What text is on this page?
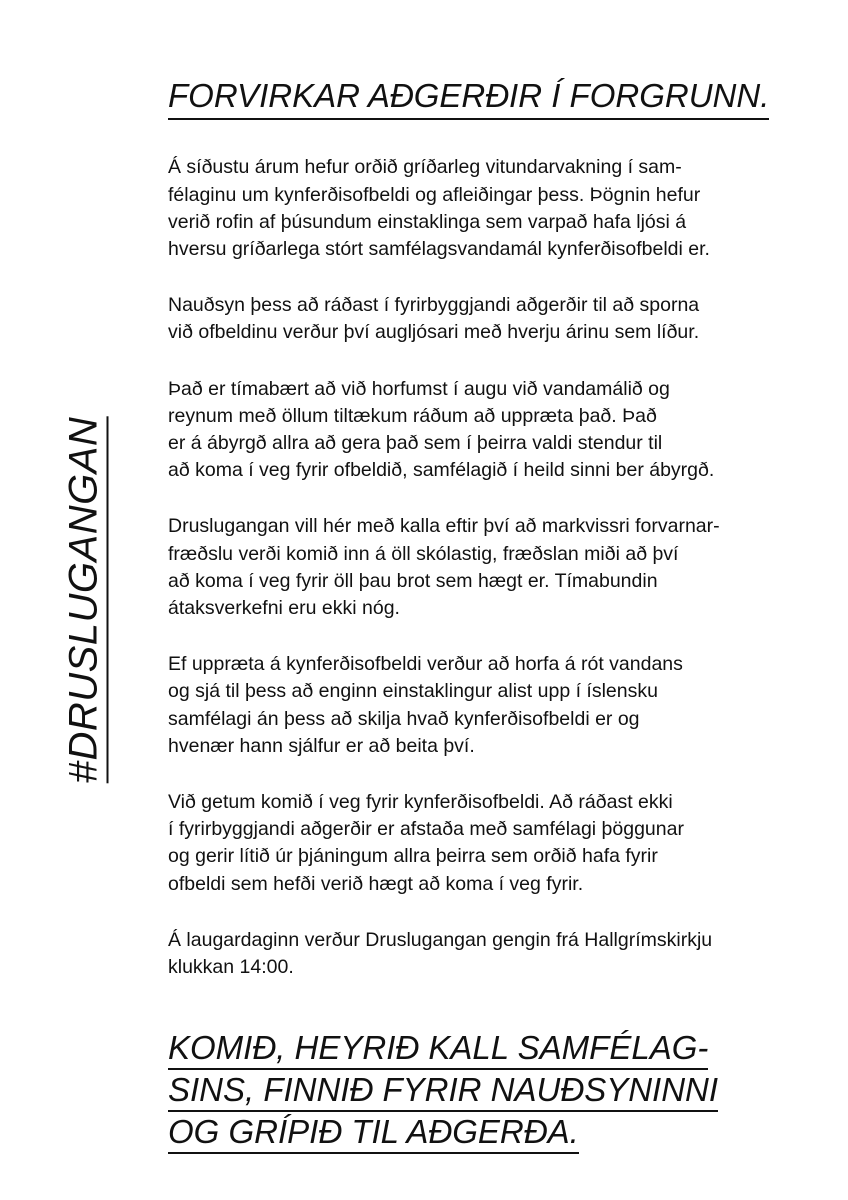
#DRUSLUGANGAN
FORVIRKAR AÐGERÐIR Í FORGRUNN.

Á síðustu árum hefur orðið gríðarleg vitundarvakning í sam-
félaginu um kynferðisofbeldi og afleiðingar þess. Þögnin hefur
verið rofin af þúsundum einstaklinga sem varpað hafa ljósi á
hversu gríðarlega stórt samfélagsvandamál kynferðisofbeldi er.

Nauðsyn þess að ráðast í fyrirbyggjandi aðgerðir til að sporna
við ofbeldinu verður því augljósari með hverju árinu sem líður.

Það er tímabært að við horfumst í augu við vandamálið og
reynum með öllum tiltækum ráðum að uppræta það. Það
er á ábyrgð allra að gera það sem í þeirra valdi stendur til
að koma í veg fyrir ofbeldið, samfélagið í heild sinni ber ábyrgð.

Druslugangan vill hér með kalla eftir því að markvissri forvarnar-
fræðslu verði komið inn á öll skólastig, fræðslan miði að því
að koma í veg fyrir öll þau brot sem hægt er. Tímabundin
átaksverkefni eru ekki nóg.

Ef uppræta á kynferðisofbeldi verður að horfa á rót vandans
og sjá til þess að enginn einstaklingur alist upp í íslensku
samfélagi án þess að skilja hvað kynferðisofbeldi er og
hvenær hann sjálfur er að beita því.

Við getum komið í veg fyrir kynferðisofbeldi. Að ráðast ekki
í fyrirbyggjandi aðgerðir er afstaða með samfélagi þöggunar
og gerir lítið úr þjáningum allra þeirra sem orðið hafa fyrir
ofbeldi sem hefði verið hægt að koma í veg fyrir.

Á laugardaginn verður Druslugangan gengin frá Hallgrímskirkju
klukkan 14:00.

KOMIÐ, HEYRIÐ KALL SAMFÉLAG-
SINS, FINNIÐ FYRIR NAUÐSYNINNI
OG GRÍPIÐ TIL AÐGERÐA.
